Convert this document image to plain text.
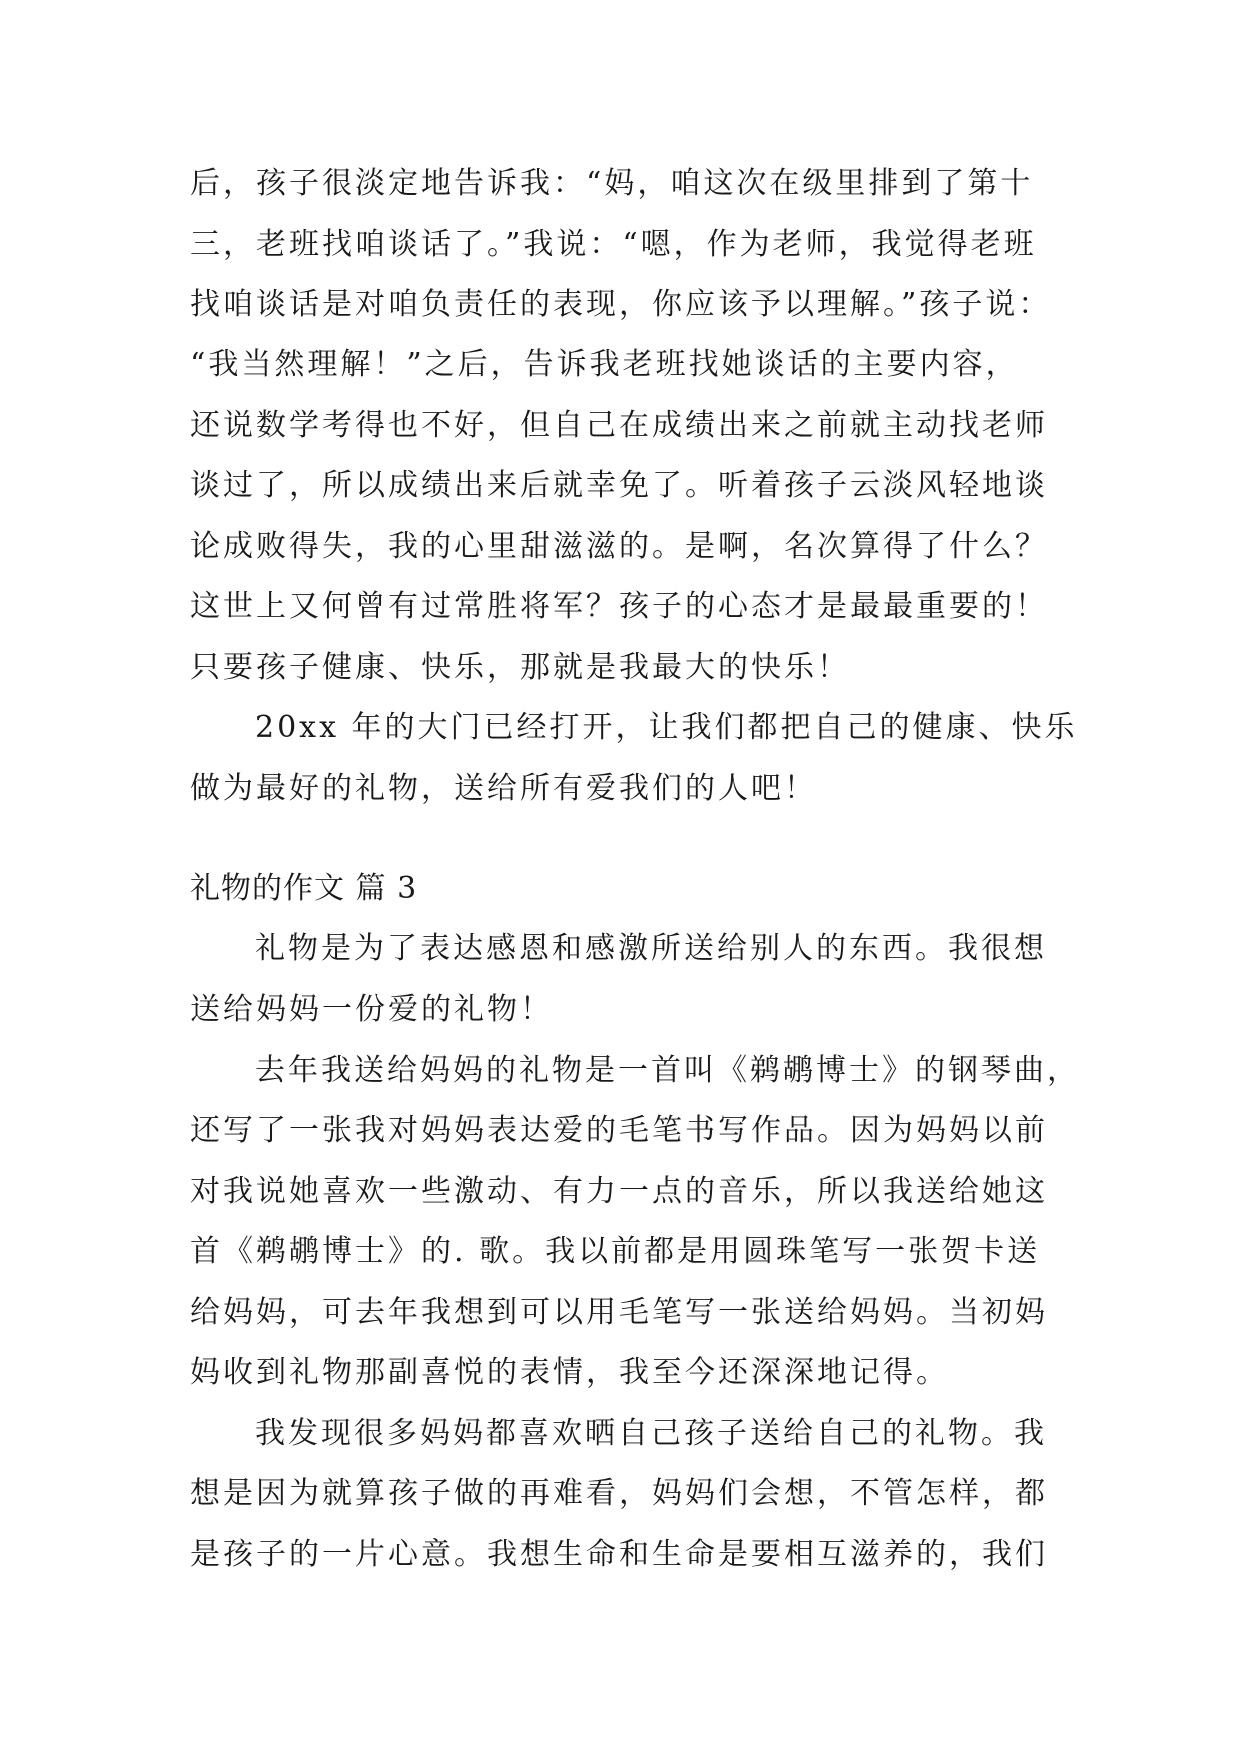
后，孩子很淡定地告诉我：“妈，咱这次在级里排到了第十
三，老班找咱谈话了。”我说：“嗯，作为老师，我觉得老班
找咱谈话是对咱负责任的表现，你应该予以理解。”孩子说：
“我当然理解！”之后，告诉我老班找她谈话的主要内容，
还说数学考得也不好，但自己在成绩出来之前就主动找老师
谈过了，所以成绩出来后就幸免了。听着孩子云淡风轻地谈
论成败得失，我的心里甜滋滋的。是啊，名次算得了什么？
这世上又何曾有过常胜将军？孩子的心态才是最最重要的！
只要孩子健康、快乐，那就是我最大的快乐！
20xx 年的大门已经打开，让我们都把自己的健康、快乐
做为最好的礼物，送给所有爱我们的人吧！
礼物的作文 篇 3
礼物是为了表达感恩和感激所送给别人的东西。我很想
送给妈妈一份爱的礼物！
去年我送给妈妈的礼物是一首叫《鹈鹕博士》的钢琴曲，
还写了一张我对妈妈表达爱的毛笔书写作品。因为妈妈以前
对我说她喜欢一些激动、有力一点的音乐，所以我送给她这
首《鹈鹕博士》的. 歌。我以前都是用圆珠笔写一张贺卡送
给妈妈，可去年我想到可以用毛笔写一张送给妈妈。当初妈
妈收到礼物那副喜悦的表情，我至今还深深地记得。
我发现很多妈妈都喜欢晒自己孩子送给自己的礼物。我
想是因为就算孩子做的再难看，妈妈们会想，不管怎样，都
是孩子的一片心意。我想生命和生命是要相互滋养的，我们
